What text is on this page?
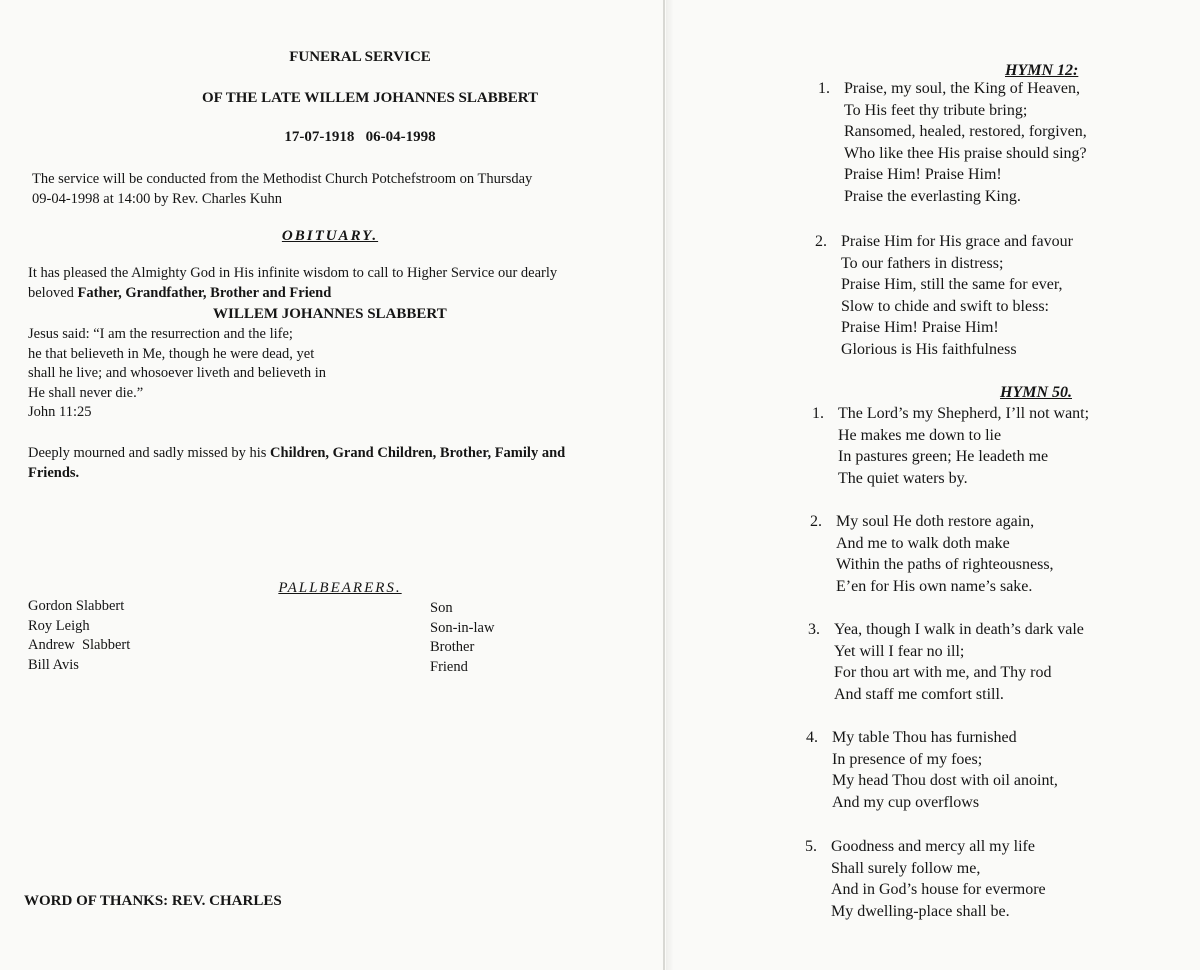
FUNERAL SERVICE
OF THE LATE WILLEM JOHANNES SLABBERT
17-07-1918   06-04-1998
The service will be conducted from the Methodist Church Potchefstroom on Thursday
09-04-1998 at 14:00 by Rev. Charles Kuhn
OBITUARY.
It has pleased the Almighty God in His infinite wisdom to call to Higher Service our dearly
beloved Father, Grandfather, Brother and Friend
WILLEM JOHANNES SLABBERT
Jesus said: “I am the resurrection and the life;
he that believeth in Me, though he were dead, yet
shall he live; and whosoever liveth and believeth in
He shall never die.”
John 11:25
Deeply mourned and sadly missed by his Children, Grand Children, Brother, Family and
Friends.
PALLBEARERS.
Gordon Slabbert
Roy Leigh
Andrew  Slabbert
Bill Avis
Son
Son-in-law
Brother
Friend
WORD OF THANKS: REV. CHARLES
HYMN 12:
1. Praise, my soul, the King of Heaven,
To His feet thy tribute bring;
Ransomed, healed, restored, forgiven,
Who like thee His praise should sing?
Praise Him! Praise Him!
Praise the everlasting King.
2. Praise Him for His grace and favour
To our fathers in distress;
Praise Him, still the same for ever,
Slow to chide and swift to bless:
Praise Him! Praise Him!
Glorious is His faithfulness
HYMN 50.
1. The Lord’s my Shepherd, I’ll not want;
He makes me down to lie
In pastures green; He leadeth me
The quiet waters by.
2. My soul He doth restore again,
And me to walk doth make
Within the paths of righteousness,
E’en for His own name’s sake.
3. Yea, though I walk in death’s dark vale
Yet will I fear no ill;
For thou art with me, and Thy rod
And staff me comfort still.
4. My table Thou has furnished
In presence of my foes;
My head Thou dost with oil anoint,
And my cup overflows
5. Goodness and mercy all my life
Shall surely follow me,
And in God’s house for evermore
My dwelling-place shall be.
